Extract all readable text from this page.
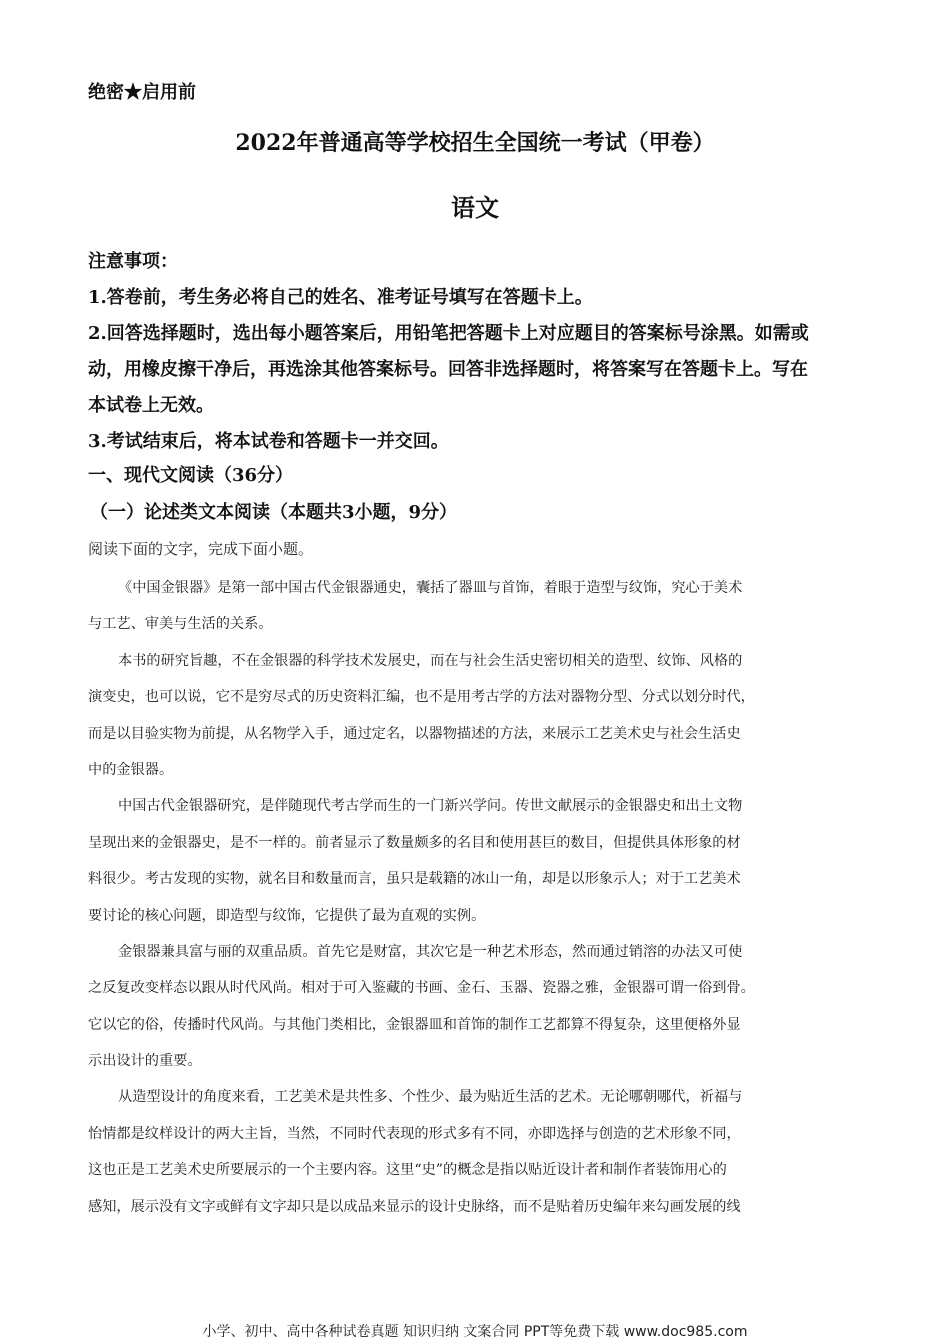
绝密★启用前
2022年普通高等学校招生全国统一考试（甲卷）
语文

注意事项：

1.答卷前，考生务必将自己的姓名、准考证号填写在答题卡上。

2.回答选择题时，选出每小题答案后，用铅笔把答题卡上对应题目的答案标号涂黑。如需或

动，用橡皮擦干净后，再选涂其他答案标号。回答非选择题时，将答案写在答题卡上。写在

本试卷上无效。

3.考试结束后，将本试卷和答题卡一并交回。

一、现代文阅读（36分）
（一）论述类文本阅读（本题共3小题，9分）
阅读下面的文字，完成下面小题。
《中国金银器》是第一部中国古代金银器通史，囊括了器皿与首饰，着眼于造型与纹饰，究心于美术
与工艺、审美与生活的关系。
本书的研究旨趣，不在金银器的科学技术发展史，而在与社会生活史密切相关的造型、纹饰、风格的
演变史，也可以说，它不是穷尽式的历史资料汇编，也不是用考古学的方法对器物分型、分式以划分时代，
而是以目验实物为前提，从名物学入手，通过定名，以器物描述的方法，来展示工艺美术史与社会生活史
中的金银器。
中国古代金银器研究，是伴随现代考古学而生的一门新兴学问。传世文献展示的金银器史和出土文物
呈现出来的金银器史，是不一样的。前者显示了数量颇多的名目和使用甚巨的数目，但提供具体形象的材
料很少。考古发现的实物，就名目和数量而言，虽只是载籍的冰山一角，却是以形象示人；对于工艺美术
要讨论的核心问题，即造型与纹饰，它提供了最为直观的实例。
金银器兼具富与丽的双重品质。首先它是财富，其次它是一种艺术形态，然而通过销溶的办法又可使
之反复改变样态以跟从时代风尚。相对于可入鉴藏的书画、金石、玉器、瓷器之雅，金银器可谓一俗到骨。
它以它的俗，传播时代风尚。与其他门类相比，金银器皿和首饰的制作工艺都算不得复杂，这里便格外显
示出设计的重要。
从造型设计的角度来看，工艺美术是共性多、个性少、最为贴近生活的艺术。无论哪朝哪代，祈福与
怡情都是纹样设计的两大主旨，当然，不同时代表现的形式多有不同，亦即选择与创造的艺术形象不同，
这也正是工艺美术史所要展示的一个主要内容。这里“史”的概念是指以贴近设计者和制作者装饰用心的
感知，展示没有文字或鲜有文字却只是以成品来显示的设计史脉络，而不是贴着历史编年来勾画发展的线
小学、初中、高中各种试卷真题 知识归纳 文案合同 PPT等免费下载 www.doc985.com
